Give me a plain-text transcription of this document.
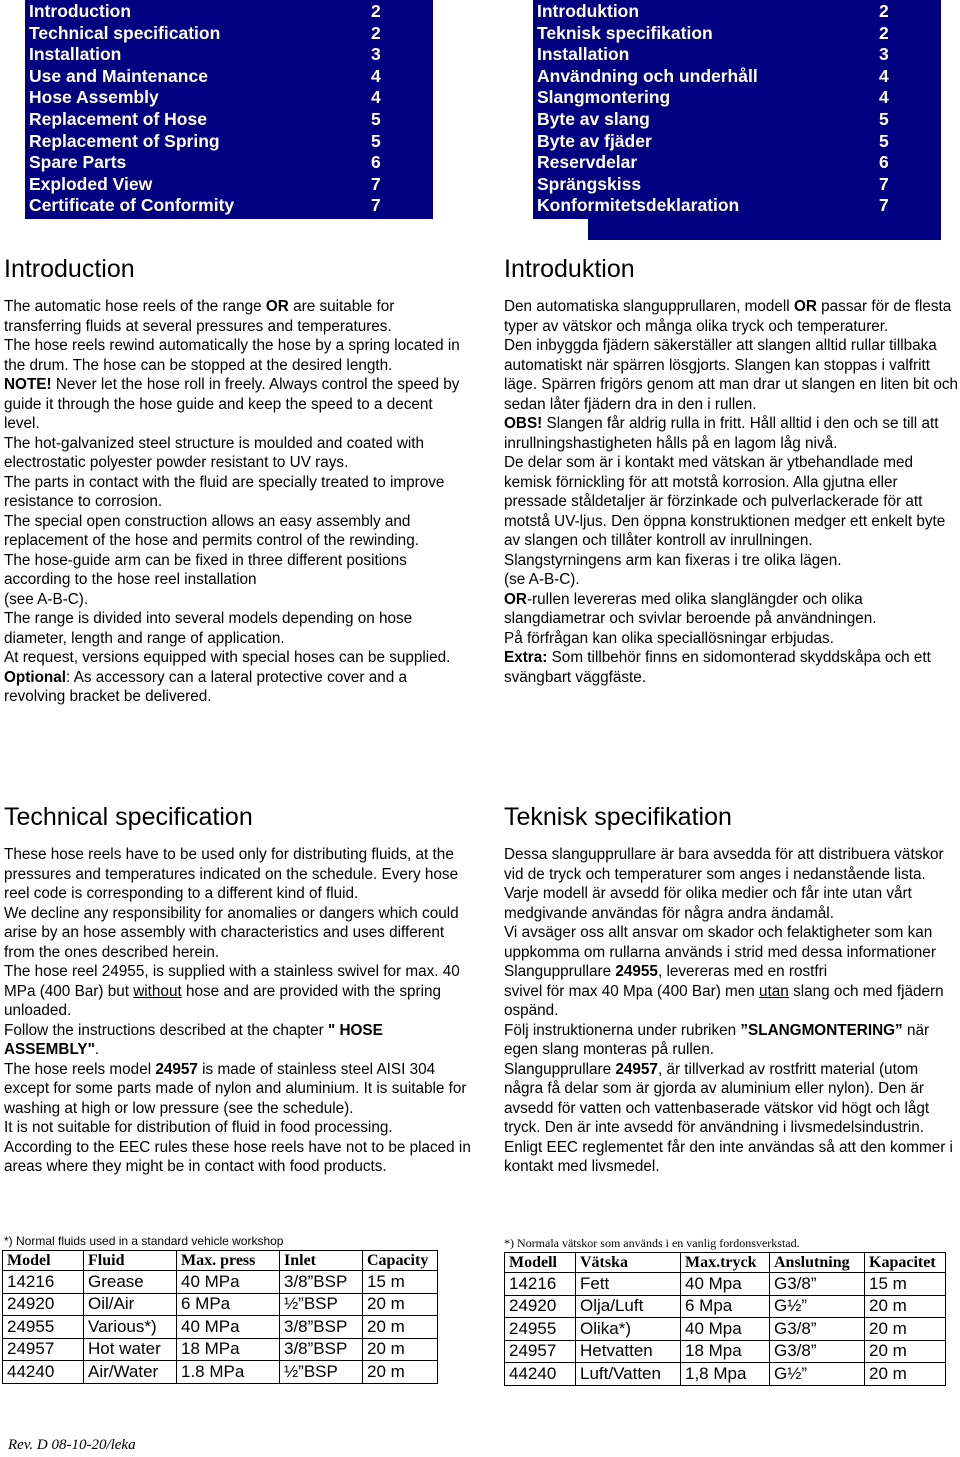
Introduction	2
Technical specification	2
Installation	3
Use and Maintenance	4
Hose Assembly	4
Replacement of Hose	5
Replacement of Spring	5
Spare Parts	6
Exploded View	7
Certificate of Conformity	7
Introduktion	2
Teknisk specifikation	2
Installation	3
Användning och underhåll	4
Slangmontering	4
Byte av slang	5
Byte av fjäder	5
Reservdelar	6
Sprängskiss	7
Konformitetsdeklaration	7
Introduction	Introduktion

The automatic hose reels of the range OR are suitable for transferring fluids at several pressures and temperatures.

The hose reels rewind automatically the hose by a spring located in the drum. The hose can be stopped at the desired length.

NOTE! Never let the hose roll in freely. Always control the speed by guide it through the hose guide and keep the speed to a decent level.

The hot-galvanized steel structure is moulded and coated with electrostatic polyester powder resistant to UV rays.

The parts in contact with the fluid are specially treated to improve resistance to corrosion.

The special open construction allows an easy assembly and replacement of the hose and permits control of the rewinding.

The hose-guide arm can be fixed in three different positions according to the hose reel installation

(see A-B-C).

The range is divided into several models depending on hose diameter, length and range of application.

At request, versions equipped with special hoses can be supplied.

Optional: As accessory can a lateral protective cover and a revolving bracket be delivered.

Den automatiska slangupprullaren, modell OR passar för de flesta typer av vätskor och många olika tryck och temperaturer.

Den inbyggda fjädern säkerställer att slangen alltid rullar tillbaka automatiskt när spärren lösgjorts. Slangen kan stoppas i valfritt läge. Spärren frigörs genom att man drar ut slangen en liten bit och sedan låter fjädern dra in den i rullen.

OBS! Slangen får aldrig rulla in fritt. Håll alltid i den och se till att inrullningshastigheten hålls på en lagom låg nivå.

De delar som är i kontakt med vätskan är ytbehandlade med kemisk förnickling för att motstå korrosion. Alla gjutna eller pressade ståldetaljer är förzinkade och pulverlackerade för att motstå UV-ljus. Den öppna konstruktionen medger ett enkelt byte av slangen och tillåter kontroll av inrullningen.

Slangstyrningens arm kan fixeras i tre olika lägen.

(se A-B-C).

OR-rullen levereras med olika slanglängder och olika slangdiametrar och svivlar beroende på användningen.

På förfrågan kan olika speciallösningar erbjudas.

Extra: Som tillbehör finns en sidomonterad skyddskåpa och ett svängbart väggfäste.

Technical specification	Teknisk specifikation

These hose reels have to be used only for distributing fluids, at the pressures and temperatures indicated on the schedule. Every hose reel code is corresponding to a different kind of fluid.

We decline any responsibility for anomalies or dangers which could arise by an hose assembly with characteristics and uses different from the ones described herein.

The hose reel 24955, is supplied with a stainless swivel for max. 40 MPa (400 Bar) but without hose and are provided with the spring unloaded.

Follow the instructions described at the chapter " HOSE ASSEMBLY".

The hose reels model 24957 is made of stainless steel AISI 304 except for some parts made of nylon and aluminium. It is suitable for washing at high or low pressure (see the schedule).

It is not suitable for distribution of fluid in food processing.

According to the EEC rules these hose reels have not to be placed in areas where they might be in contact with food products.

*) Normal fluids used in a standard vehicle workshop

Dessa slangupprullare är bara avsedda för att distribuera vätskor vid de tryck och temperaturer som anges i nedanstående lista. Varje modell är avsedd för olika medier och får inte utan vårt medgivande användas för några andra ändamål.

Vi avsäger oss allt ansvar om skador och felaktigheter som kan uppkomma om rullarna används i strid med dessa informationer

Slangupprullare 24955, levereras med en rostfri

svivel för max 40 Mpa (400 Bar) men utan slang och med fjädern ospänd.

Följ instruktionerna under rubriken ”SLANGMONTERING” när egen slang monteras på rullen.

Slangupprullare 24957, är tillverkad av rostfritt material (utom några få delar som är gjorda av aluminium eller nylon). Den är avsedd för vatten och vattenbaserade vätskor vid högt och lågt tryck. Den är inte avsedd för användning i livsmedelsindustrin. Enligt EEC reglementet får den inte användas så att den kommer i kontakt med livsmedel.

*) Normala vätskor som används i en vanlig fordonsverkstad.
Model	Fluid	Max. press	Inlet	Capacity
14216	Grease	40 MPa	3/8”BSP	15 m
24920	Oil/Air	6 MPa	½”BSP	20 m
24955	Various*)	40 MPa	3/8”BSP	20 m
24957	Hot water	18 MPa	3/8”BSP	20 m
44240	Air/Water	1.8 MPa	½”BSP	20 m
Modell	Vätska	Max.tryck	Anslutning	Kapacitet
14216	Fett	40 Mpa	G3/8”	15 m
24920	Olja/Luft	6 Mpa	G½”	20 m
24955	Olika*)	40 Mpa	G3/8”	20 m
24957	Hetvatten	18 Mpa	G3/8”	20 m
44240	Luft/Vatten	1,8 Mpa	G½”	20 m
Rev. D 08-10-20/leka
